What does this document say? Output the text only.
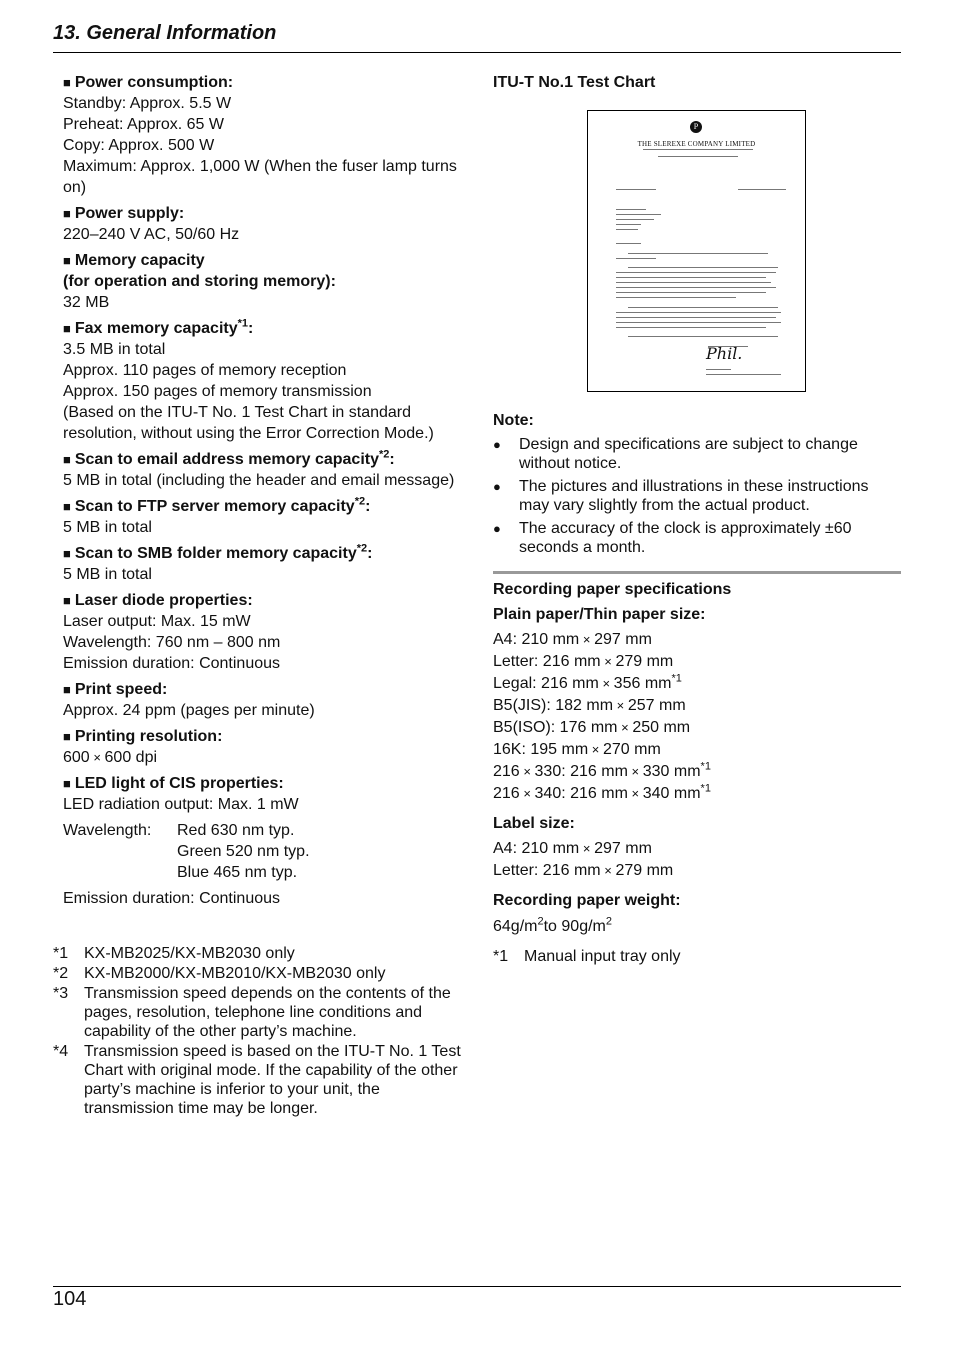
13. General Information
■ Power consumption:
Standby: Approx. 5.5 W
Preheat: Approx. 65 W
Copy: Approx. 500 W
Maximum: Approx. 1,000 W (When the fuser lamp turns on)
■ Power supply:
220–240 V AC, 50/60 Hz
■ Memory capacity
(for operation and storing memory):
32 MB
■ Fax memory capacity$^{*1}$:
3.5 MB in total
Approx. 110 pages of memory reception
Approx. 150 pages of memory transmission
(Based on the ITU-T No. 1 Test Chart in standard resolution, without using the Error Correction Mode.)
■ Scan to email address memory capacity$^{*2}$:
5 MB in total (including the header and email message)
■ Scan to FTP server memory capacity$^{*2}$:
5 MB in total
■ Scan to SMB folder memory capacity$^{*2}$:
5 MB in total
■ Laser diode properties:
Laser output: Max. 15 mW
Wavelength: 760 nm – 800 nm
Emission duration: Continuous
■ Print speed:
Approx. 24 ppm (pages per minute)
■ Printing resolution:
600 × 600 dpi
■ LED light of CIS properties:
LED radiation output: Max. 1 mW
Wavelength:	Red 630 nm typ.
Green 520 nm typ.
Blue 465 nm typ.
Emission duration: Continuous
*1 KX-MB2025/KX-MB2030 only
*2 KX-MB2000/KX-MB2010/KX-MB2030 only
*3 Transmission speed depends on the contents of the pages, resolution, telephone line conditions and capability of the other party’s machine.
*4 Transmission speed is based on the ITU-T No. 1 Test Chart with original mode. If the capability of the other party’s machine is inferior to your unit, the transmission time may be longer.
ITU-T No.1 Test Chart
P
THE SLEREXE COMPANY LIMITED
Phil.
Note:
●	Design and specifications are subject to change without notice.
●	The pictures and illustrations in these instructions may vary slightly from the actual product.
●	The accuracy of the clock is approximately ±60 seconds a month.
Recording paper specifications
Plain paper/Thin paper size:
A4: 210 mm × 297 mm
Letter: 216 mm × 279 mm
Legal: 216 mm × 356 $mm^{*1}$
B5(JIS): 182 mm × 257 mm
B5(ISO): 176 mm × 250 mm
16K: 195 mm × 270 mm
216 × 330: 216 mm × 330 $mm^{*1}$
216 × 340: 216 mm × 340 $mm^{*1}$
Label size:
A4: 210 mm × 297 mm
Letter: 216 mm × 279 mm
Recording paper weight:
$64g/m^2to$ $90g/m^2$
*1 Manual input tray only
104
